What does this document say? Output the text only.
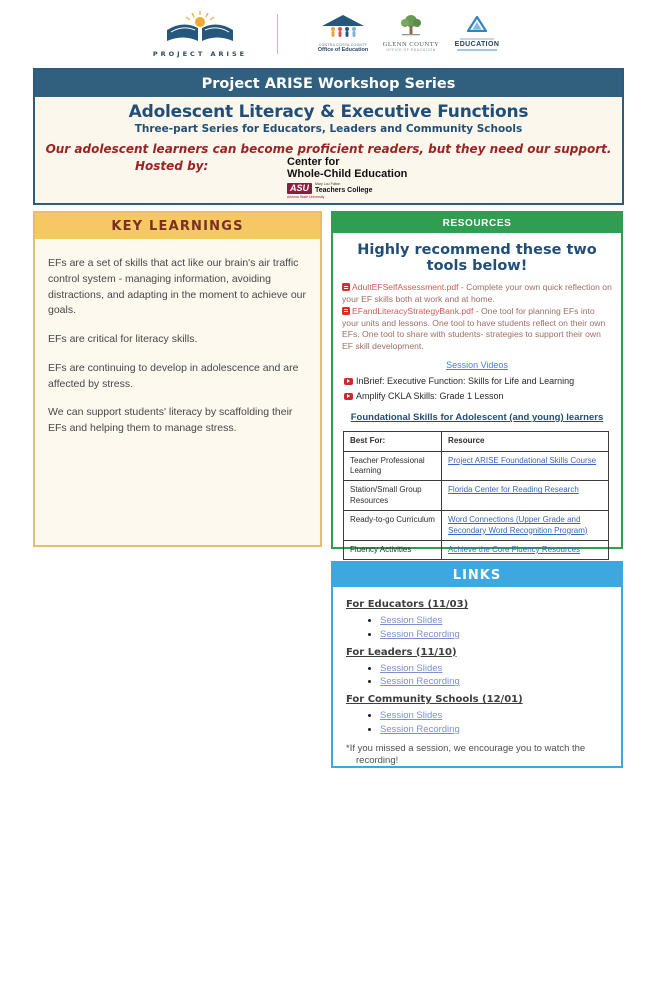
PROJECT ARISE
CONTRA COSTA COUNTY
Office of Education
GLENN COUNTY
OFFICE OF EDUCATION
EDUCATION
Project ARISE Workshop Series
Adolescent Literacy & Executive Functions
Three-part Series for Educators, Leaders and Community Schools
Our adolescent learners can become proficient readers, but they need our support.
Hosted by:	Center for
Whole-Child Education
ASU	Mary Lou Fulton
Teachers College
Arizona State University
KEY LEARNINGS

EFs are a set of skills that act like our brain's air traffic control system - managing information, avoiding distractions, and adapting in the moment to achieve our goals.

EFs are critical for literacy skills.

EFs are continuing to develop in adolescence and are affected by stress.

We can support students' literacy by scaffolding their EFs and helping them to manage stress.

RESOURCES
Highly recommend these two tools below!
AdultEFSelfAssessment.pdf - Complete your own quick reflection on your EF skills both at work and at home.
EFandLiteracyStrategyBank.pdf - One tool for planning EFs into your units and lessons. One tool to have students reflect on their own EFs. One tool to share with students- strategies to support their own EF skill development.
Session Videos
InBrief: Executive Function: Skills for Life and Learning
Amplify CKLA Skills: Grade 1 Lesson
Foundational Skills for Adolescent (and young) learners
Best For:	Resource
Teacher Professional Learning	Project ARISE Foundational Skills Course
Station/Small Group Resources	Florida Center for Reading Research
Ready-to-go Curriculum	Word Connections (Upper Grade and Secondary Word Recognition Program)
Fluency Activities	Achieve the Core Fluency Resources
LINKS
For Educators (11/03)
• Session Slides
• Session Recording
For Leaders (11/10)
• Session Slides
• Session Recording
For Community Schools (12/01)
• Session Slides
• Session Recording
*If you missed a session, we encourage you to watch the recording!
